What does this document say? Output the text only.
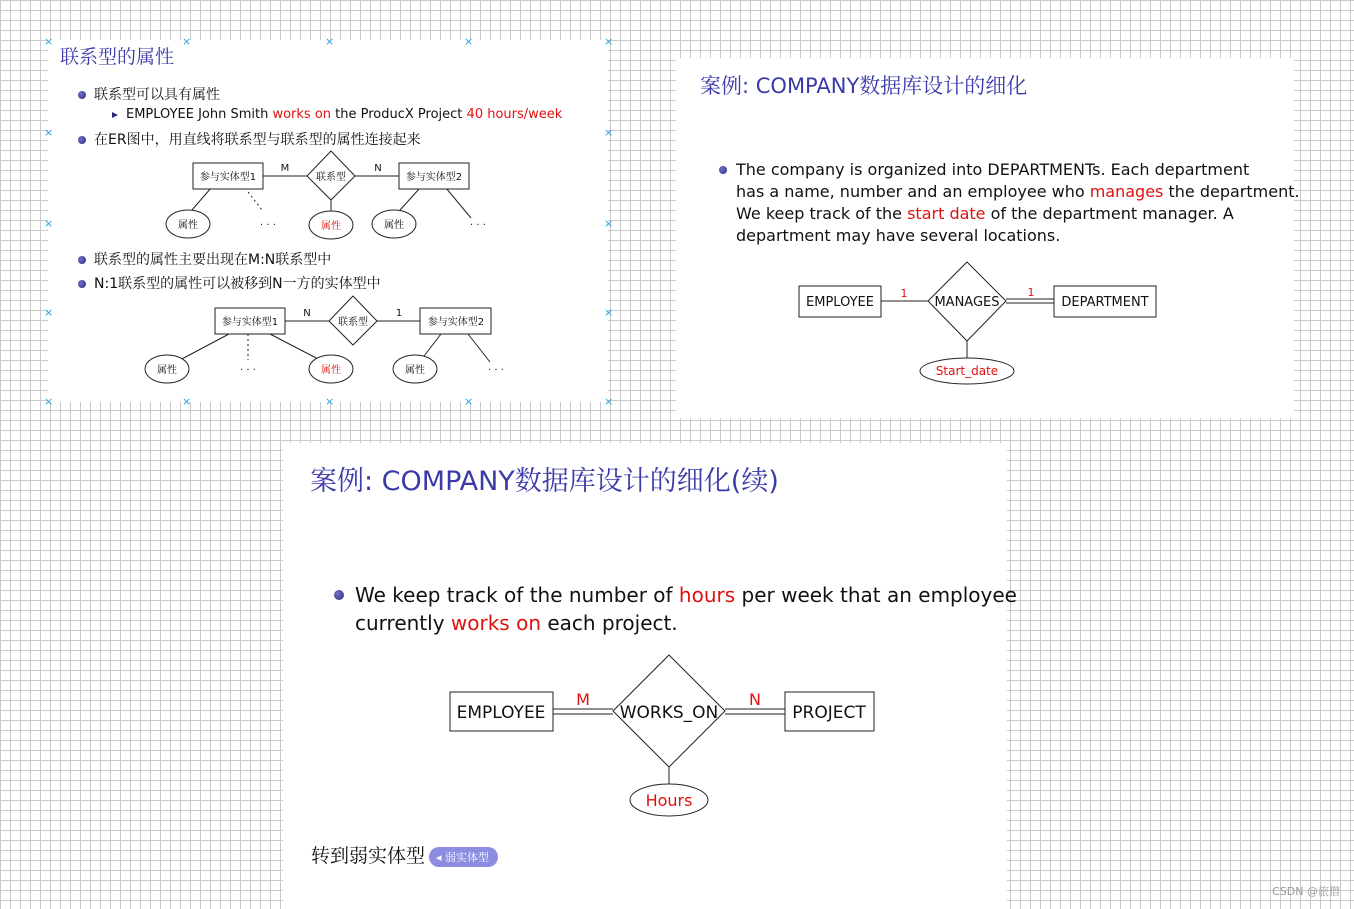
联系型的属性
联系型可以具有属性
EMPLOYEE John Smith works on the ProducX Project 40 hours/week
在ER图中，用直线将联系型与联系型的属性连接起来
参与实体型1	联系型	参与实体型2
M	N
属性	属性	属性
· · ·	· · ·
参与实体型1	联系型	参与实体型2
N	1
属性	属性	属性
· · ·	· · ·
联系型的属性主要出现在M:N联系型中
N:1联系型的属性可以被移到N一方的实体型中
×	×	×	×	×
×	×
×	×
×	×
×	×	×	×	×
案例: COMPANY数据库设计的细化
The company is organized into DEPARTMENTs. Each department
has a name, number and an employee who manages the department.
We keep track of the start date of the department manager. A
department may have several locations.
EMPLOYEE	MANAGES	DEPARTMENT
1	1
Start_date
案例: COMPANY数据库设计的细化(续)
We keep track of the number of hours per week that an employee
currently works on each project.
EMPLOYEE	WORKS_ON	PROJECT
M	N
Hours
转到弱实体型 ◂ 弱实体型
CSDN @旅僧
